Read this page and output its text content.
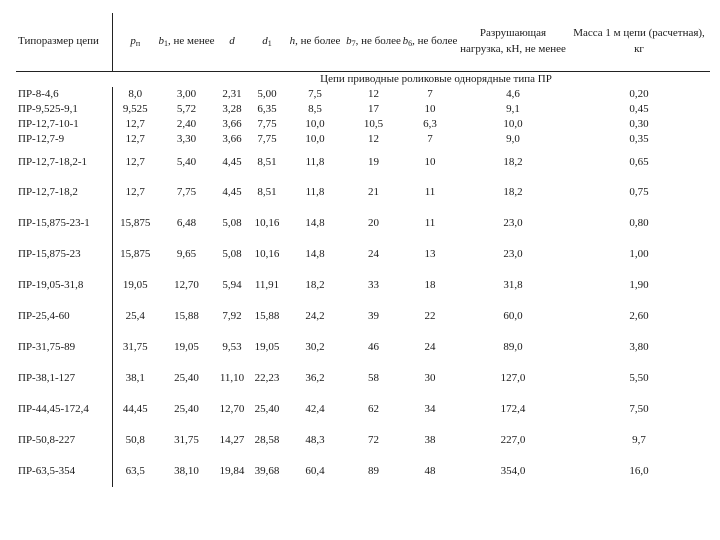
Типоразмер цепи	$p_п$	$b_1$, не менее	d	$d_1$	h, не более	$b_7$, не более	$b_6$, не более	Разрушающая нагрузка, кН, не менее	Масса 1 м цепи (расчетная), кг
Цепи приводные роликовые однорядные типа ПР									
ПР-8-4,6	8,0	3,00	2,31	5,00	7,5	12	7	4,6	0,20
ПР-9,525-9,1	9,525	5,72	3,28	6,35	8,5	17	10	9,1	0,45
ПР-12,7-10-1	12,7	2,40	3,66	7,75	10,0	10,5	6,3	10,0	0,30
ПР-12,7-9	12,7	3,30	3,66	7,75	10,0	12	7	9,0	0,35
ПР-12,7-18,2-1	12,7	5,40	4,45	8,51	11,8	19	10	18,2	0,65
ПР-12,7-18,2	12,7	7,75	4,45	8,51	11,8	21	11	18,2	0,75
ПР-15,875-23-1	15,875	6,48	5,08	10,16	14,8	20	11	23,0	0,80
ПР-15,875-23	15,875	9,65	5,08	10,16	14,8	24	13	23,0	1,00
ПР-19,05-31,8	19,05	12,70	5,94	11,91	18,2	33	18	31,8	1,90
ПР-25,4-60	25,4	15,88	7,92	15,88	24,2	39	22	60,0	2,60
ПР-31,75-89	31,75	19,05	9,53	19,05	30,2	46	24	89,0	3,80
ПР-38,1-127	38,1	25,40	11,10	22,23	36,2	58	30	127,0	5,50
ПР-44,45-172,4	44,45	25,40	12,70	25,40	42,4	62	34	172,4	7,50
ПР-50,8-227	50,8	31,75	14,27	28,58	48,3	72	38	227,0	9,7
ПР-63,5-354	63,5	38,10	19,84	39,68	60,4	89	48	354,0	16,0
